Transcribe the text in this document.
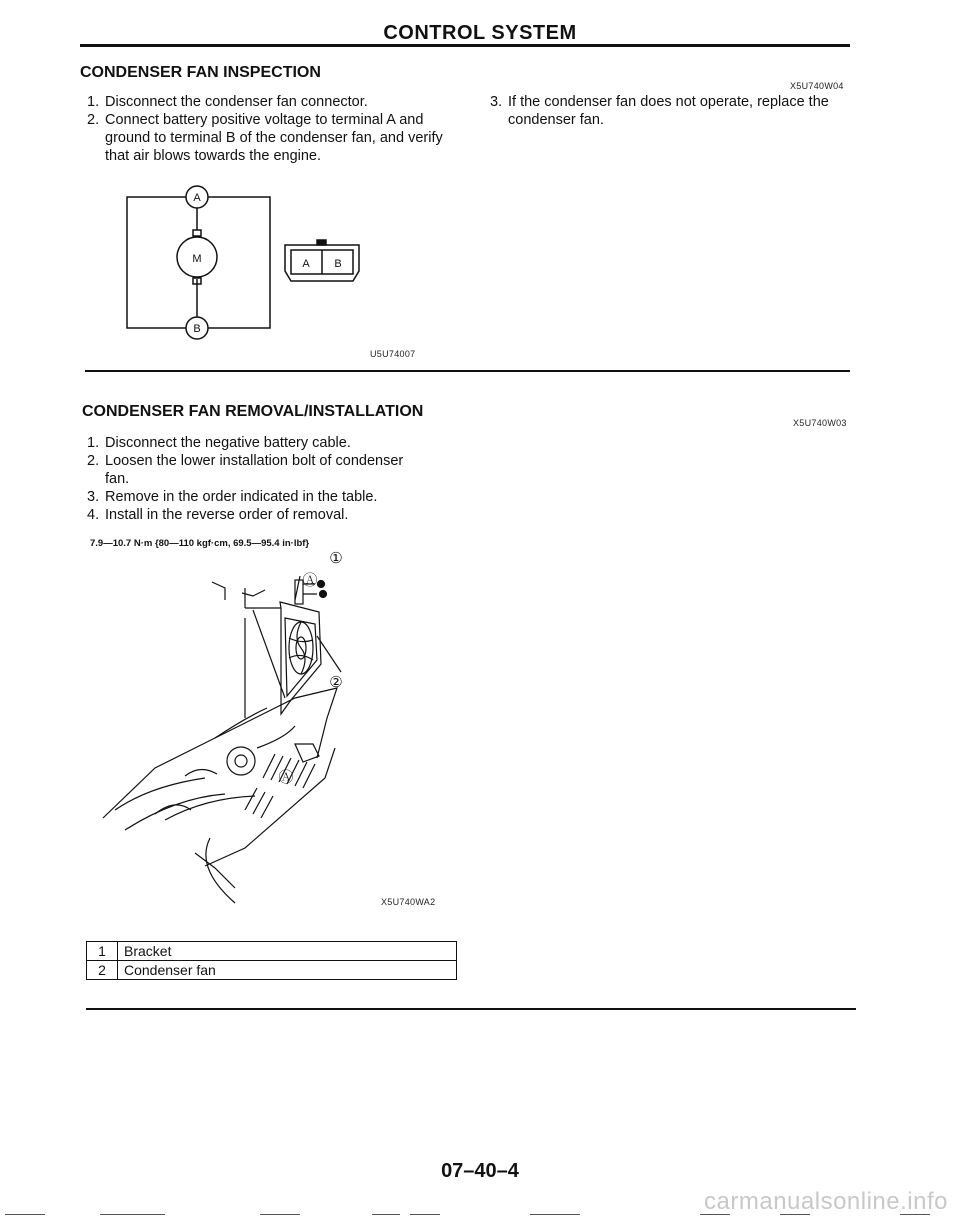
CONTROL SYSTEM
CONDENSER FAN INSPECTION
X5U740W04
1. Disconnect the condenser fan connector.
2. Connect battery positive voltage to terminal A and ground to terminal B of the condenser fan, and verify that air blows towards the engine.
3. If the condenser fan does not operate, replace the condenser fan.
A
M
B
A B
U5U74007
CONDENSER FAN REMOVAL/INSTALLATION
X5U740W03
1. Disconnect the negative battery cable.
2. Loosen the lower installation bolt of condenser fan.
3. Remove in the order indicated in the table.
4. Install in the reverse order of removal.
7.9—10.7 N·m {80—110 kgf·cm, 69.5—95.4 in·lbf}
①
Ⓐ
②
Ⓐ
X5U740WA2
1	Bracket
2	Condenser fan
07–40–4
carmanualsonline.info
